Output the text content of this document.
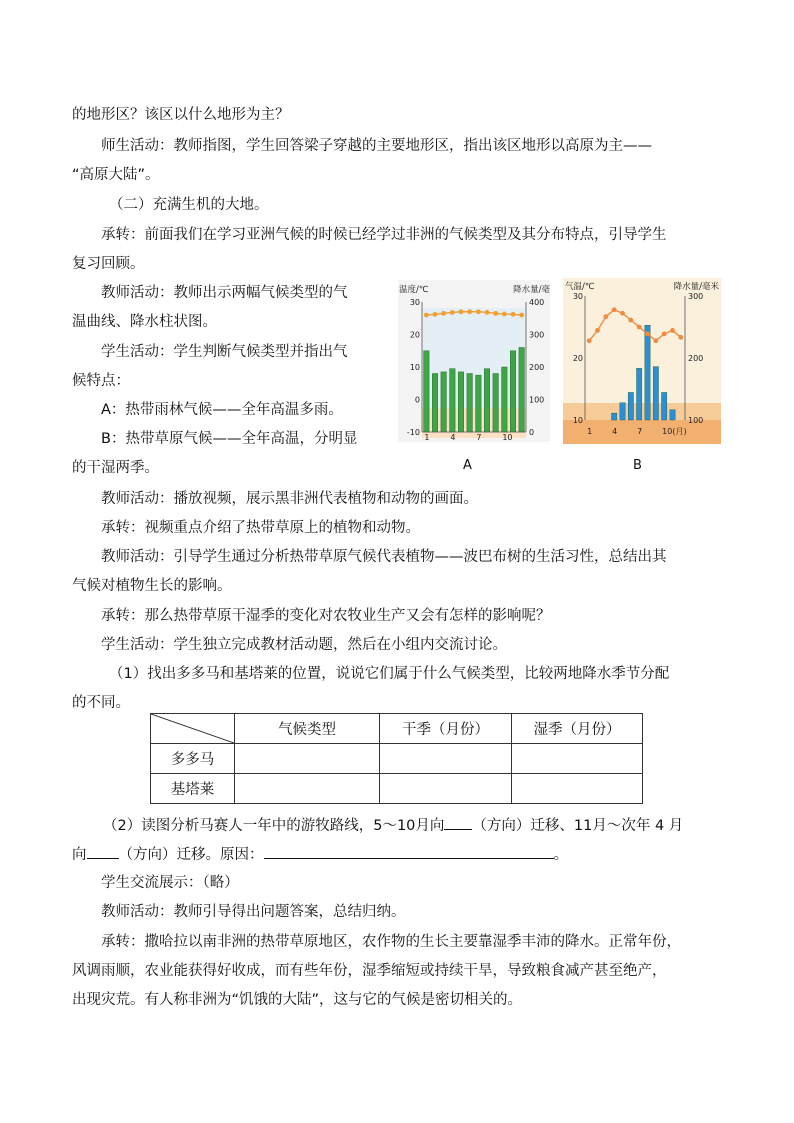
的地形区？该区以什么地形为主？

师生活动：教师指图，学生回答梁子穿越的主要地形区，指出该区地形以高原为主——

“高原大陆”。

（二）充满生机的大地。

承转：前面我们在学习亚洲气候的时候已经学过非洲的气候类型及其分布特点，引导学生

复习回顾。

教师活动：教师出示两幅气候类型的气

温曲线、降水柱状图。

学生活动：学生判断气候类型并指出气

候特点：

A：热带雨林气候——全年高温多雨。

B：热带草原气候——全年高温，分明显

的干湿两季。

教师活动：播放视频，展示黑非洲代表植物和动物的画面。

承转：视频重点介绍了热带草原上的植物和动物。

教师活动：引导学生通过分析热带草原气候代表植物——波巴布树的生活习性，总结出其

气候对植物生长的影响。

承转：那么热带草原干湿季的变化对农牧业生产又会有怎样的影响呢？

学生活动：学生独立完成教材活动题，然后在小组内交流讨论。

（1）找出多多马和基塔莱的位置，说说它们属于什么气候类型，比较两地降水季节分配

的不同。

温度/℃	降水量/毫
30
20
10
0
-10
400
300
200
100
0
1	4	7	10
A
气温/℃	降水量/毫米
30
20
10
300
200
100
1 4 7 10(月)
B
	气候类型	干季（月份）	湿季（月份）
多多马			
基塔莱			

（2）读图分析马赛人一年中的游牧路线，5～10月向 （方向）迁移、11月～次年 4 月

向 （方向）迁移。原因：	。

学生交流展示：（略）

教师活动：教师引导得出问题答案，总结归纳。

承转：撒哈拉以南非洲的热带草原地区，农作物的生长主要靠湿季丰沛的降水。正常年份，

风调雨顺，农业能获得好收成，而有些年份，湿季缩短或持续干旱，导致粮食减产甚至绝产，

出现灾荒。有人称非洲为“饥饿的大陆”，这与它的气候是密切相关的。
